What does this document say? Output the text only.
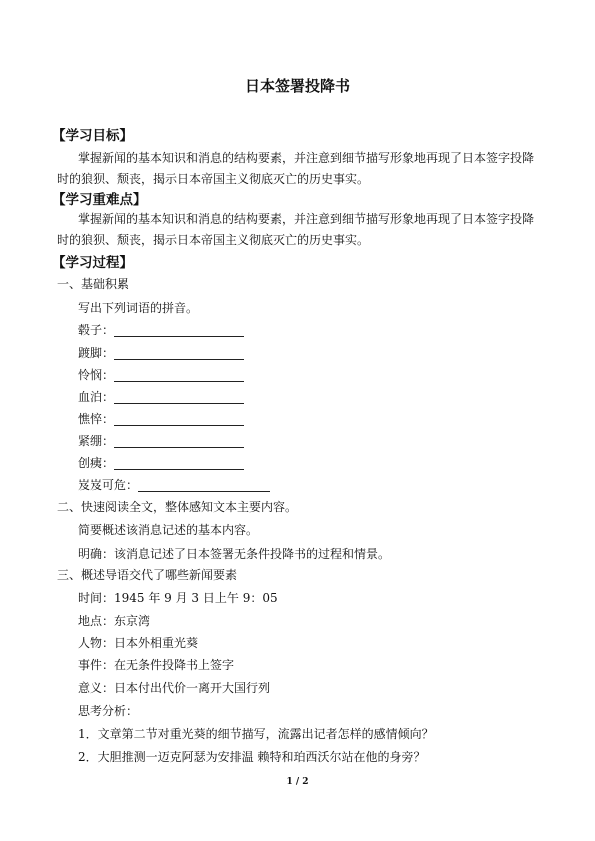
日本签署投降书
【学习目标】
掌握新闻的基本知识和消息的结构要素，并注意到细节描写形象地再现了日本签字投降
时的狼狈、颓丧，揭示日本帝国主义彻底灭亡的历史事实。
【学习重难点】
掌握新闻的基本知识和消息的结构要素，并注意到细节描写形象地再现了日本签字投降
时的狼狈、颓丧，揭示日本帝国主义彻底灭亡的历史事实。
【学习过程】
一、基础积累
写出下列词语的拼音。
毂子：
踱脚：
怜悯：
血泊：
憔悴：
紧绷：
创痍：
岌岌可危：
二、快速阅读全文，整体感知文本主要内容。
简要概述该消息记述的基本内容。
明确：该消息记述了日本签署无条件投降书的过程和情景。
三、概述导语交代了哪些新闻要素
时间：1945 年 9 月 3 日上午 9：05
地点：东京湾
人物：日本外相重光葵
事件：在无条件投降书上签字
意义：日本付出代价一离开大国行列
思考分析：
1．文章第二节对重光葵的细节描写，流露出记者怎样的感情倾向？
2．大胆推测一迈克阿瑟为安排温 赖特和珀西沃尔站在他的身旁？
1 / 2
